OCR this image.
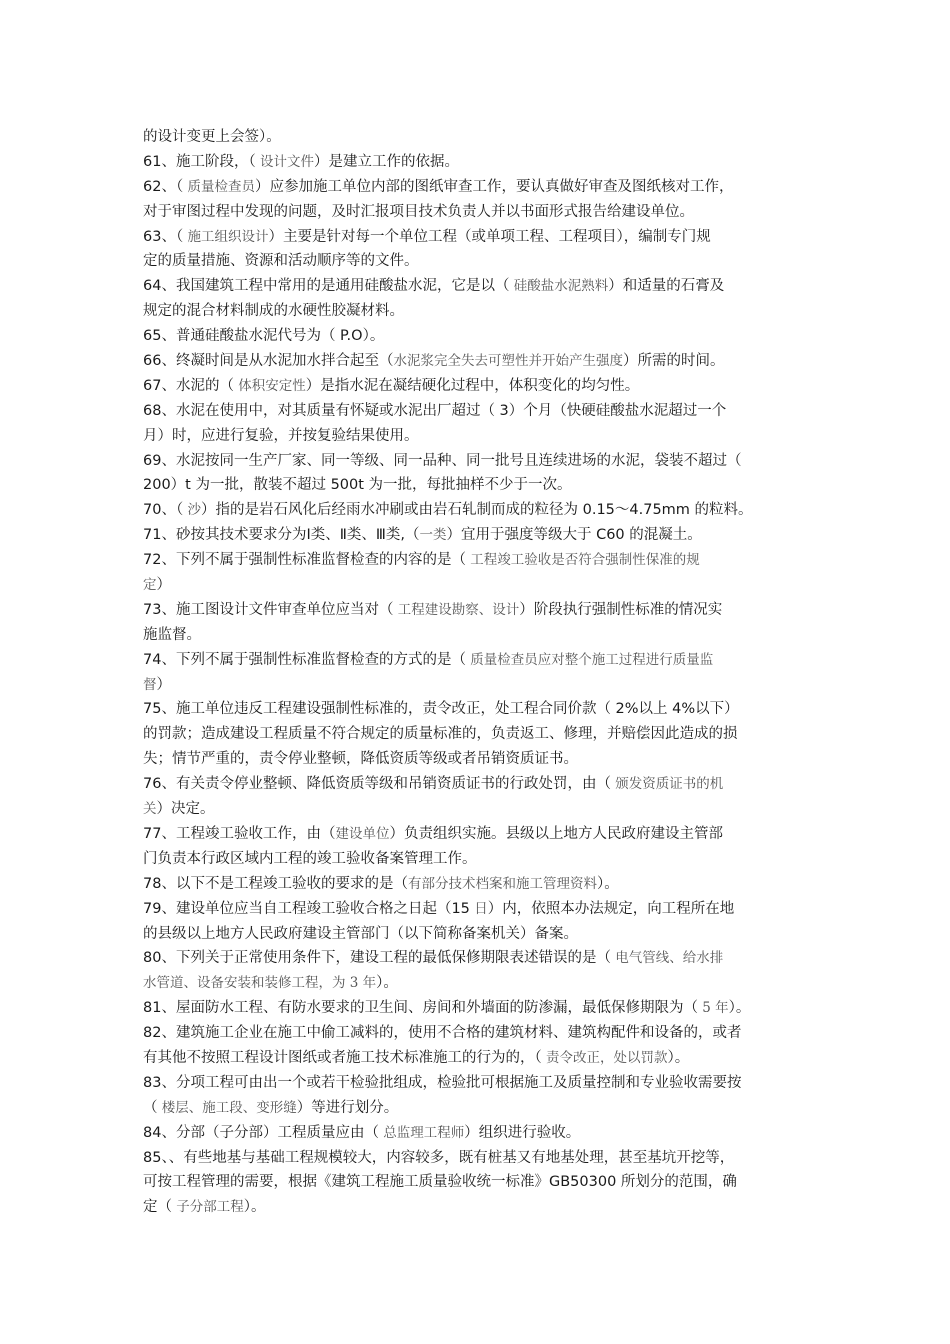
的设计变更上会签）。
61、施工阶段，（ 设计文件）是建立工作的依据。
62、（ 质量检查员）应参加施工单位内部的图纸审查工作，要认真做好审查及图纸核对工作，
对于审图过程中发现的问题，及时汇报项目技术负责人并以书面形式报告给建设单位。
63、（ 施工组织设计）主要是针对每一个单位工程（或单项工程、工程项目），编制专门规
定的质量措施、资源和活动顺序等的文件。
64、我国建筑工程中常用的是通用硅酸盐水泥，它是以（ 硅酸盐水泥熟料）和适量的石膏及
规定的混合材料制成的水硬性胶凝材料。
65、普通硅酸盐水泥代号为（ P.O）。
66、终凝时间是从水泥加水拌合起至（水泥浆完全失去可塑性并开始产生强度）所需的时间。
67、水泥的（ 体积安定性）是指水泥在凝结硬化过程中，体积变化的均匀性。
68、水泥在使用中，对其质量有怀疑或水泥出厂超过（ 3）个月（快硬硅酸盐水泥超过一个
月）时，应进行复验，并按复验结果使用。
69、水泥按同一生产厂家、同一等级、同一品种、同一批号且连续进场的水泥，袋装不超过（
200）t 为一批，散装不超过 500t 为一批，每批抽样不少于一次。
70、（ 沙）指的是岩石风化后经雨水冲刷或由岩石轧制而成的粒径为 0.15～4.75mm 的粒料。
71、砂按其技术要求分为Ⅰ类、Ⅱ类、Ⅲ类,（一类）宜用于强度等级大于 C60 的混凝土。
72、下列不属于强制性标准监督检查的内容的是（ 工程竣工验收是否符合强制性保准的规
定）
73、施工图设计文件审查单位应当对（ 工程建设勘察、设计）阶段执行强制性标准的情况实
施监督。
74、下列不属于强制性标准监督检查的方式的是（ 质量检查员应对整个施工过程进行质量监
督）
75、施工单位违反工程建设强制性标准的，责令改正，处工程合同价款（ 2%以上 4%以下）
的罚款；造成建设工程质量不符合规定的质量标准的，负责返工、修理，并赔偿因此造成的损
失；情节严重的，责令停业整顿，降低资质等级或者吊销资质证书。
76、有关责令停业整顿、降低资质等级和吊销资质证书的行政处罚，由（ 颁发资质证书的机
关）决定。
77、工程竣工验收工作，由（建设单位）负责组织实施。县级以上地方人民政府建设主管部
门负责本行政区域内工程的竣工验收备案管理工作。
78、以下不是工程竣工验收的要求的是（有部分技术档案和施工管理资料）。
79、建设单位应当自工程竣工验收合格之日起（15 日）内，依照本办法规定，向工程所在地
的县级以上地方人民政府建设主管部门（以下简称备案机关）备案。
80、下列关于正常使用条件下，建设工程的最低保修期限表述错误的是（ 电气管线、给水排
水管道、设备安装和装修工程，为 3 年）。
81、屋面防水工程、有防水要求的卫生间、房间和外墙面的防渗漏，最低保修期限为（ 5 年）。
82、建筑施工企业在施工中偷工减料的，使用不合格的建筑材料、建筑构配件和设备的，或者
有其他不按照工程设计图纸或者施工技术标准施工的行为的，（ 责令改正，处以罚款）。
83、分项工程可由出一个或若干检验批组成，检验批可根据施工及质量控制和专业验收需要按
（ 楼层、施工段、变形缝）等进行划分。
84、分部（子分部）工程质量应由（ 总监理工程师）组织进行验收。
85、、有些地基与基础工程规模较大，内容较多，既有桩基又有地基处理，甚至基坑开挖等，
可按工程管理的需要，根据《建筑工程施工质量验收统一标准》GB50300 所划分的范围，确
定（ 子分部工程）。
